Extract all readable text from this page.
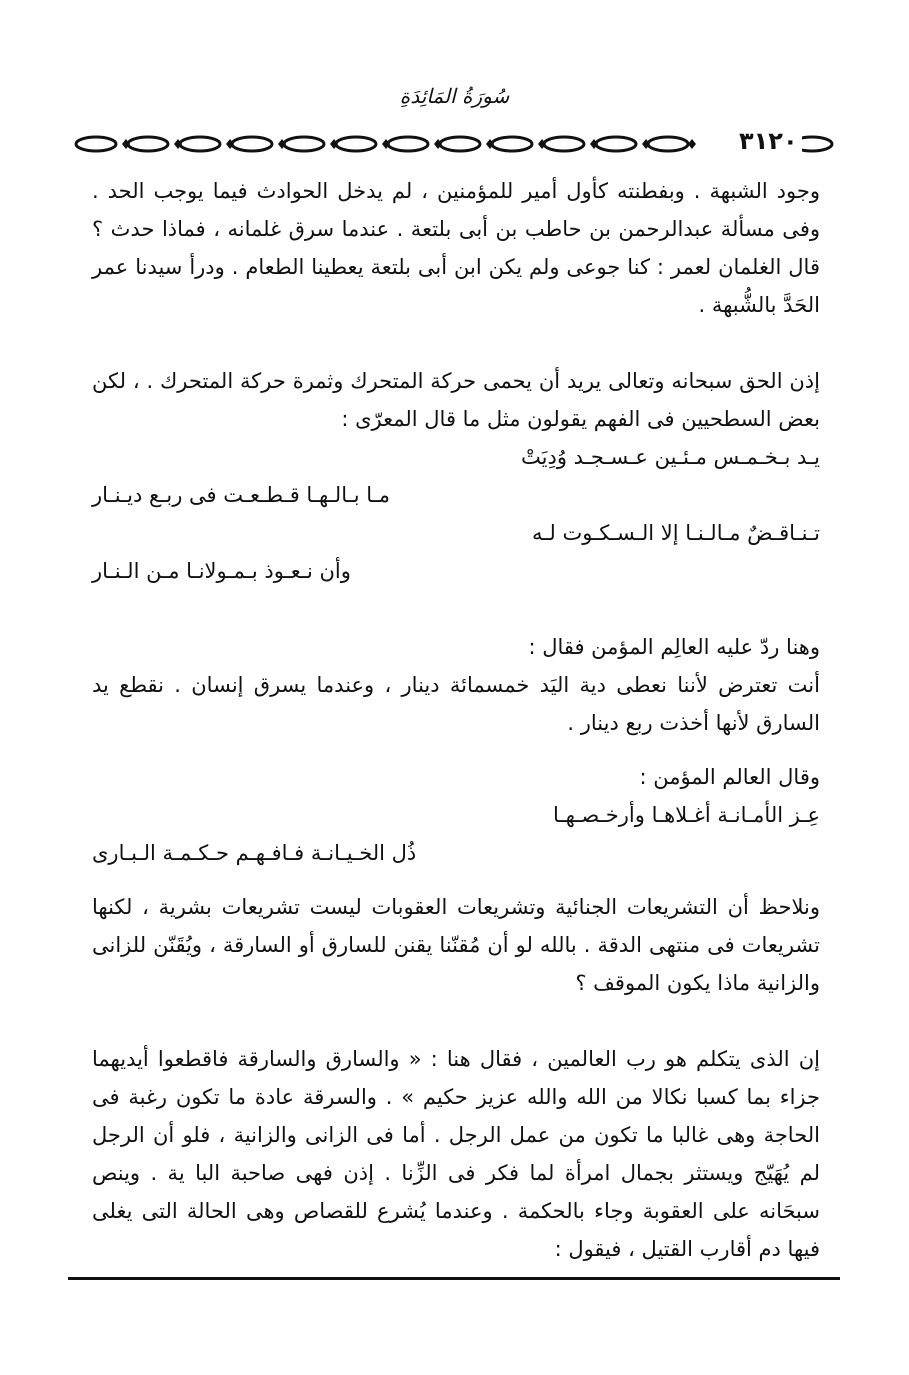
سُورَةُ المَائِدَةِ
٣١٢٠

وجود الشبهة . وبفطنته كأول أمير للمؤمنين ، لم يدخل الحوادث فيما يوجب الحد . وفى مسألة عبدالرحمن بن حاطب بن أبى بلتعة . عندما سرق غلمانه ، فماذا حدث ؟ قال الغلمان لعمر : كنا جوعى ولم يكن ابن أبى بلتعة يعطينا الطعام . ودرأ سيدنا عمر الحَدَّ بالشُّبهة .

إذن الحق سبحانه وتعالى يريد أن يحمى حركة المتحرك وثمرة حركة المتحرك . ، لكن بعض السطحيين فى الفهم يقولون مثل ما قال المعرّى :

يـد بـخـمـس مـئـين عـسـجـد وُدِيَتْ
مـا بـالـهـا قـطـعـت فى ربـع ديـنـار
تـنـاقـضٌ مـالـنـا إلا الـسـكـوت لـه
وأن نـعـوذ بـمـولانـا مـن الـنـار

وهنا ردّ عليه العالِم المؤمن فقال :

أنت تعترض لأننا نعطى دية اليَد خمسمائة دينار ، وعندما يسرق إنسان . نقطع يد السارق لأنها أخذت ربع دينار .

وقال العالم المؤمن :

عِـز الأمـانـة أغـلاهـا وأرخـصـهـا
ذُل الخـيـانـة فـافـهـم حـكـمـة الـبـارى

ونلاحظ أن التشريعات الجنائية وتشريعات العقوبات ليست تشريعات بشرية ، لكنها تشريعات فى منتهى الدقة . بالله لو أن مُقنّنا يقنن للسارق أو السارقة ، ويُقَنّن للزانى والزانية ماذا يكون الموقف ؟

إن الذى يتكلم هو رب العالمين ، فقال هنا : « والسارق والسارقة فاقطعوا أيديهما جزاء بما كسبا نكالا من الله والله عزيز حكيم » . والسرقة عادة ما تكون رغبة فى الحاجة وهى غالبا ما تكون من عمل الرجل . أما فى الزانى والزانية ، فلو أن الرجل لم يُهَيّج ويستثر بجمال امرأة لما فكر فى الزِّنا . إذن فهى صاحبة البا ية . وينص سبحَانه على العقوبة وجاء بالحكمة . وعندما يُشرع للقصاص وهى الحالة التى يغلى فيها دم أقارب القتيل ، فيقول :
